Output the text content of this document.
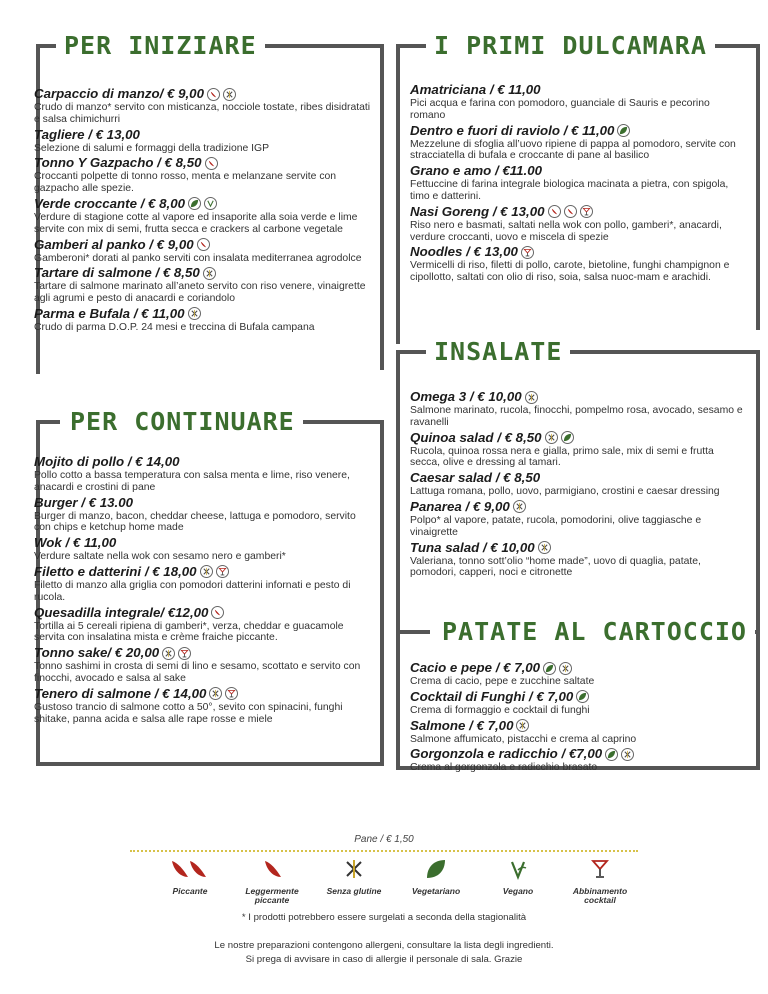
PER INIZIARE	I PRIMI DULCAMARA
INSALATE
PER CONTINUARE
PATATE AL CARTOCCIO
Carpaccio di manzo/ € 9,00
Crudo di manzo* servito con misticanza, nocciole tostate, ribes disidratati e salsa chimichurri
Tagliere / € 13,00
Selezione di salumi e formaggi della tradizione IGP
Tonno Y Gazpacho / € 8,50
Croccanti polpette di tonno rosso, menta e melanzane servite con gazpacho alle spezie.
Verde croccante / € 8,00
Verdure di stagione cotte al vapore ed insaporite alla soia verde e lime servite con mix di semi, frutta secca e crackers al carbone vegetale
Gamberi al panko / € 9,00
Gamberoni* dorati al panko serviti con insalata mediterranea agrodolce
Tartare di salmone / € 8,50
Tartare di salmone marinato all’aneto servito con riso venere, vinaigrette agli agrumi e pesto di anacardi e coriandolo
Parma e Bufala / € 11,00
Crudo di parma D.O.P. 24 mesi e treccina di Bufala campana
Mojito di pollo / € 14,00
Pollo cotto a bassa temperatura con salsa menta e lime, riso venere, anacardi e crostini di pane
Burger / € 13.00
Burger di manzo, bacon, cheddar cheese, lattuga e pomodoro, servito con chips e ketchup home made
Wok / € 11,00
Verdure saltate nella wok con sesamo nero e gamberi*
Filetto e datterini / € 18,00
Filetto di manzo alla griglia con pomodori datterini infornati e pesto di rucola.
Quesadilla integrale/ €12,00
Tortilla ai 5 cereali ripiena di gamberi*, verza, cheddar e guacamole servita con insalatina mista e crème fraiche piccante.
Tonno sake/ € 20,00
Tonno sashimi in crosta di semi di lino e sesamo, scottato e servito con finocchi, avocado e salsa al sake
Tenero di salmone / € 14,00
Gustoso trancio di salmone cotto a 50°, sevito con spinacini, funghi shitake, panna acida e salsa alle rape rosse e miele
Amatriciana / € 11,00
Pici acqua e farina con pomodoro, guanciale di Sauris e pecorino romano
Dentro e fuori di raviolo / € 11,00
Mezzelune di sfoglia all’uovo ripiene di pappa al pomodoro, servite con stracciatella di bufala e croccante di pane al basilico
Grano e amo / €11.00
Fettuccine di farina integrale biologica macinata a pietra, con spigola, timo e datterini.
Nasi Goreng / € 13,00
Riso nero e basmati, saltati nella wok con pollo, gamberi*, anacardi, verdure croccanti, uovo e miscela di spezie
Noodles / € 13,00
Vermicelli di riso, filetti di pollo, carote, bietoline, funghi champignon e cipollotto, saltati con olio di riso, soia, salsa nuoc-mam e arachidi.
Omega 3 / € 10,00
Salmone marinato, rucola, finocchi, pompelmo rosa, avocado, sesamo e ravanelli
Quinoa salad / € 8,50
Rucola, quinoa rossa nera e gialla, primo sale, mix di semi e frutta secca, olive e dressing al tamari.
Caesar salad / € 8,50
Lattuga romana, pollo, uovo, parmigiano, crostini e caesar dressing
Panarea / € 9,00
Polpo* al vapore, patate, rucola, pomodorini, olive taggiasche e vinaigrette
Tuna salad / € 10,00
Valeriana, tonno sott’olio “home made”, uovo di quaglia, patate, pomodori, capperi, noci e citronette
Cacio e pepe / € 7,00
Crema di cacio, pepe e zucchine saltate
Cocktail di Funghi / € 7,00
Crema di formaggio e cocktail di funghi
Salmone / € 7,00
Salmone affumicato, pistacchi e crema al caprino
Gorgonzola e radicchio / €7,00
Crema al gorgonzola e radicchio brasato
Pane / € 1,50
Piccante	Leggermente piccante
Senza glutine	Vegetariano	Vegano	Abbinamento cocktail
* I prodotti potrebbero essere surgelati a seconda della stagionalità
Le nostre preparazioni contengono allergeni, consultare la lista degli ingredienti.
Si prega di avvisare in caso di allergie il personale di sala. Grazie
